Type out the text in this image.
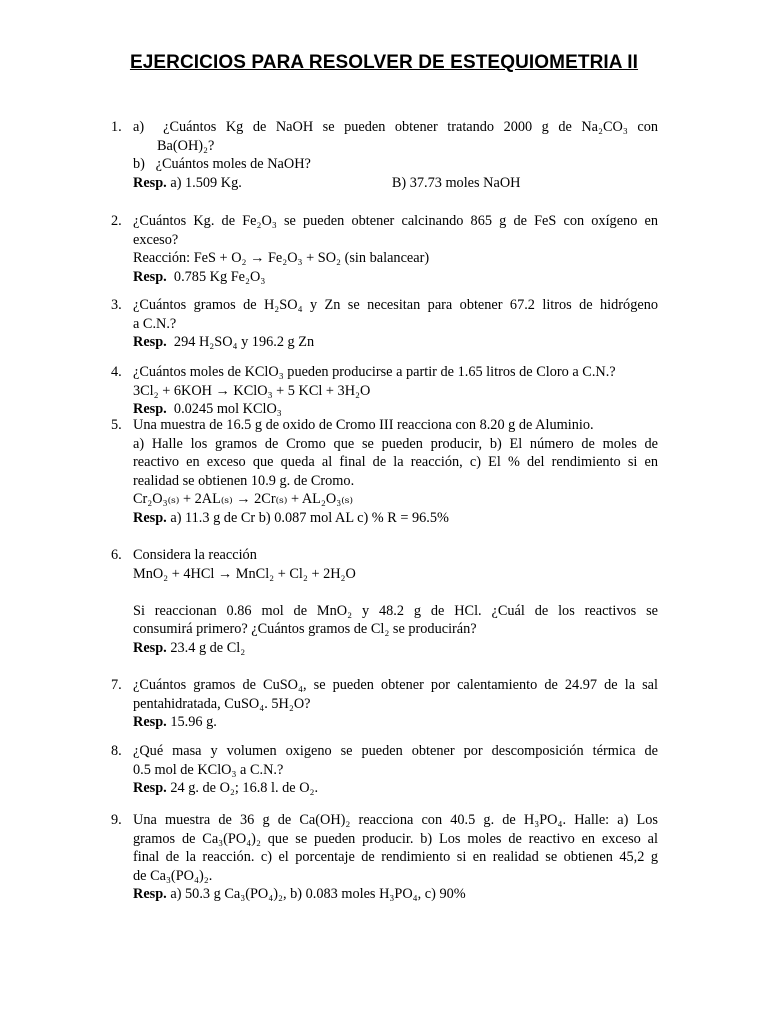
EJERCICIOS PARA RESOLVER DE ESTEQUIOMETRIA II
1. a) ¿Cuántos Kg de NaOH se pueden obtener tratando 2000 g de Na₂CO₃ con
Ba(OH)₂?
b) ¿Cuántos moles de NaOH?
Resp. a) 1.509 Kg.	B) 37.73 moles NaOH
2. ¿Cuántos Kg. de Fe₂O₃ se pueden obtener calcinando 865 g de FeS con oxígeno en
exceso?
Reacción: FeS + O₂ → Fe₂O₃ + SO₂ (sin balancear)
Resp. 0.785 Kg Fe₂O₃
3. ¿Cuántos gramos de H₂SO₄ y Zn se necesitan para obtener 67.2 litros de hidrógeno
a C.N.?
Resp. 294 H₂SO₄ y 196.2 g Zn
4. ¿Cuántos moles de KClO₃ pueden producirse a partir de 1.65 litros de Cloro a C.N.?
3Cl₂ + 6KOH → KClO₃ + 5 KCl + 3H₂O
Resp. 0.0245 mol KClO₃
5. Una muestra de 16.5 g de oxido de Cromo III reacciona con 8.20 g de Aluminio.
a) Halle los gramos de Cromo que se pueden producir, b) El número de moles de
reactivo en exceso que queda al final de la reacción, c) El % del rendimiento si en
realidad se obtienen 10.9 g. de Cromo.
Cr₂O₃₍ₛ₎ + 2AL₍ₛ₎ → 2Cr₍ₛ₎ + AL₂O₃₍ₛ₎
Resp. a) 11.3 g de Cr b) 0.087 mol AL c) % R = 96.5%
6. Considera la reacción
MnO₂ + 4HCl → MnCl₂ + Cl₂ + 2H₂O
Si reaccionan 0.86 mol de MnO₂ y 48.2 g de HCl. ¿Cuál de los reactivos se
consumirá primero? ¿Cuántos gramos de Cl₂ se producirán?
Resp. 23.4 g de Cl₂
7. ¿Cuántos gramos de CuSO₄, se pueden obtener por calentamiento de 24.97 de la sal
pentahidratada, CuSO₄. 5H₂O?
Resp. 15.96 g.
8. ¿Qué masa y volumen oxigeno se pueden obtener por descomposición térmica de
0.5 mol de KClO₃ a C.N.?
Resp. 24 g. de O₂; 16.8 l. de O₂.
9. Una muestra de 36 g de Ca(OH)₂ reacciona con 40.5 g. de H₃PO₄. Halle: a) Los
gramos de Ca₃(PO₄)₂ que se pueden producir. b) Los moles de reactivo en exceso al
final de la reacción. c) el porcentaje de rendimiento si en realidad se obtienen 45,2 g
de Ca₃(PO₄)₂.
Resp. a) 50.3 g Ca₃(PO₄)₂, b) 0.083 moles H₃PO₄, c) 90%
